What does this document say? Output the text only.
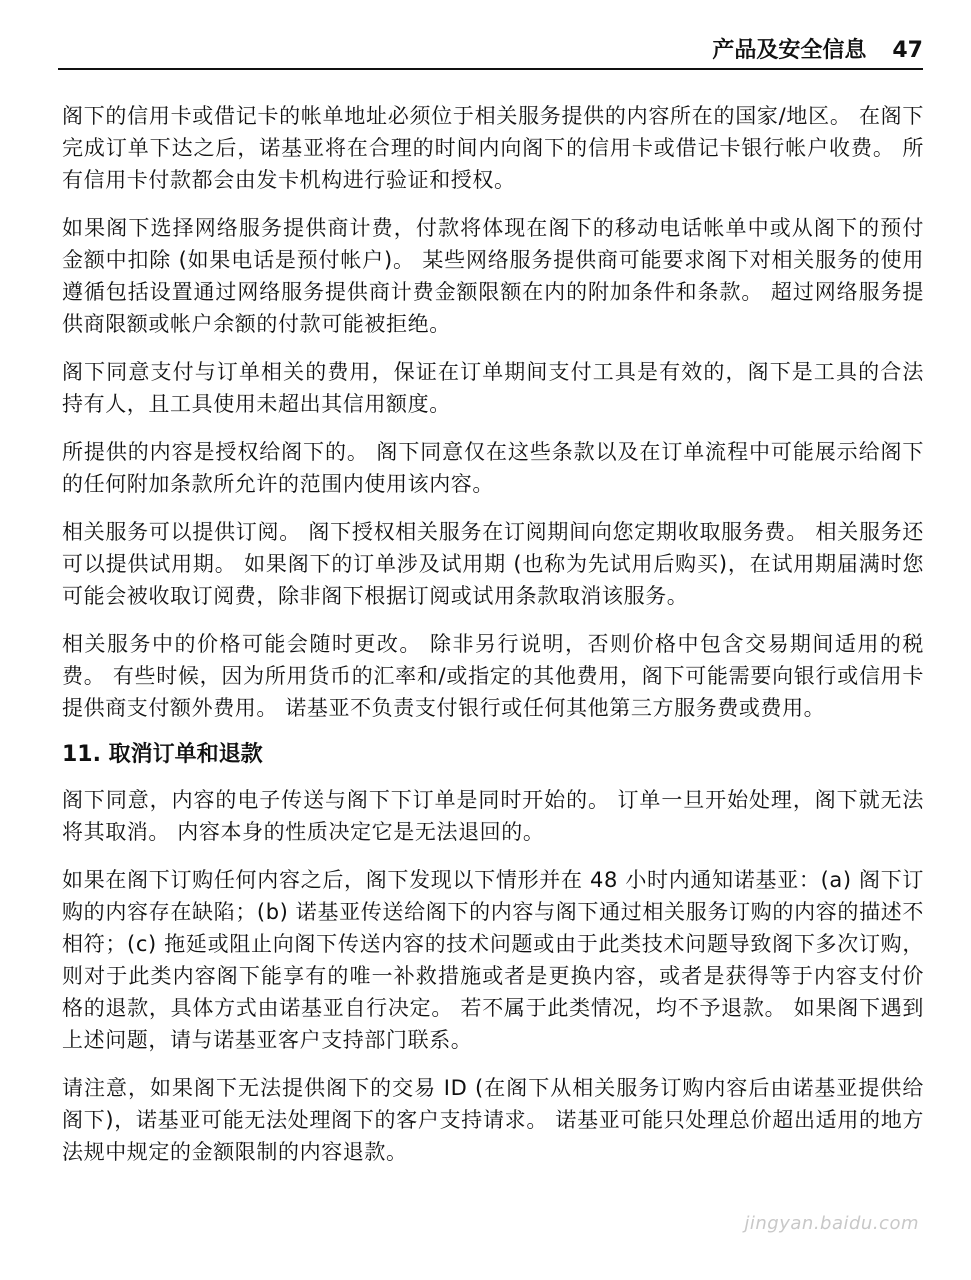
产品及安全信息 47

阁下的信用卡或借记卡的帐单地址必须位于相关服务提供的内容所在的国家/地区。 在阁下完成订单下达之后，诺基亚将在合理的时间内向阁下的信用卡或借记卡银行帐户收费。 所有信用卡付款都会由发卡机构进行验证和授权。

如果阁下选择网络服务提供商计费，付款将体现在阁下的移动电话帐单中或从阁下的预付金额中扣除 (如果电话是预付帐户)。 某些网络服务提供商可能要求阁下对相关服务的使用遵循包括设置通过网络服务提供商计费金额限额在内的附加条件和条款。 超过网络服务提供商限额或帐户余额的付款可能被拒绝。

阁下同意支付与订单相关的费用，保证在订单期间支付工具是有效的，阁下是工具的合法持有人，且工具使用未超出其信用额度。

所提供的内容是授权给阁下的。 阁下同意仅在这些条款以及在订单流程中可能展示给阁下的任何附加条款所允许的范围内使用该内容。

相关服务可以提供订阅。 阁下授权相关服务在订阅期间向您定期收取服务费。 相关服务还可以提供试用期。 如果阁下的订单涉及试用期 (也称为先试用后购买)，在试用期届满时您可能会被收取订阅费，除非阁下根据订阅或试用条款取消该服务。

相关服务中的价格可能会随时更改。 除非另行说明，否则价格中包含交易期间适用的税费。 有些时候，因为所用货币的汇率和/或指定的其他费用，阁下可能需要向银行或信用卡提供商支付额外费用。 诺基亚不负责支付银行或任何其他第三方服务费或费用。

11. 取消订单和退款

阁下同意，内容的电子传送与阁下下订单是同时开始的。 订单一旦开始处理，阁下就无法将其取消。 内容本身的性质决定它是无法退回的。

如果在阁下订购任何内容之后，阁下发现以下情形并在 48 小时内通知诺基亚：(a) 阁下订购的内容存在缺陷；(b) 诺基亚传送给阁下的内容与阁下通过相关服务订购的内容的描述不相符；(c) 拖延或阻止向阁下传送内容的技术问题或由于此类技术问题导致阁下多次订购，则对于此类内容阁下能享有的唯一补救措施或者是更换内容，或者是获得等于内容支付价格的退款，具体方式由诺基亚自行决定。 若不属于此类情况，均不予退款。 如果阁下遇到上述问题，请与诺基亚客户支持部门联系。

请注意，如果阁下无法提供阁下的交易 ID (在阁下从相关服务订购内容后由诺基亚提供给阁下)，诺基亚可能无法处理阁下的客户支持请求。 诺基亚可能只处理总价超出适用的地方法规中规定的金额限制的内容退款。

jingyan.baidu.com
